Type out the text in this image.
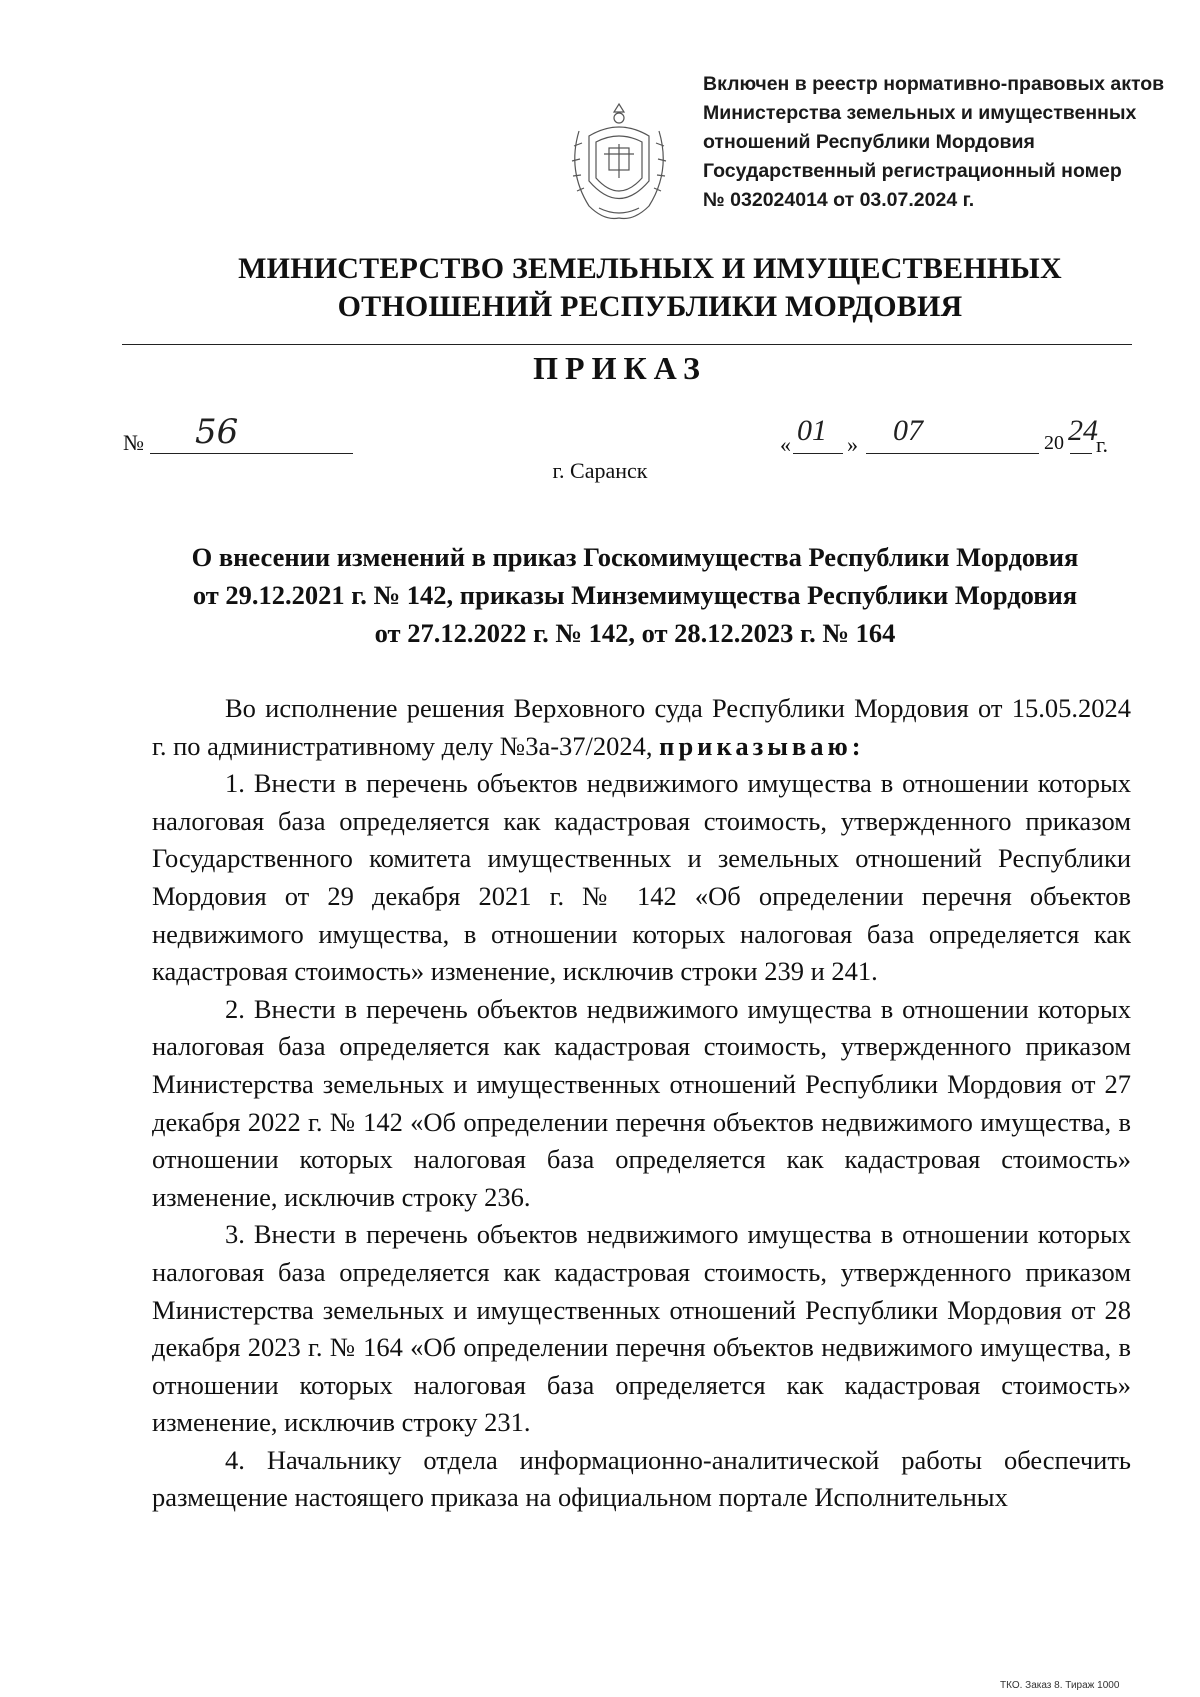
Включен в реестр нормативно-правовых актов
Министерства земельных и имущественных
отношений Республики Мордовия
Государственный регистрационный номер
№ 032024014 от 03.07.2024 г.
МИНИСТЕРСТВО ЗЕМЕЛЬНЫХ И ИМУЩЕСТВЕННЫХ
ОТНОШЕНИЙ РЕСПУБЛИКИ МОРДОВИЯ
ПРИКАЗ
№ 56	« 01 » 07	20 24
г.
г. Саранск
О внесении изменений в приказ Госкомимущества Республики Мордовия
от 29.12.2021 г. № 142, приказы Минземимущества Республики Мордовия
от 27.12.2022 г. № 142, от 28.12.2023 г. № 164

Во исполнение решения Верховного суда Республики Мордовия от 15.05.2024 г. по административному делу №3а-37/2024, приказываю:

1. Внести в перечень объектов недвижимого имущества в отношении которых налоговая база определяется как кадастровая стоимость, утвержденного приказом Государственного комитета имущественных и земельных отношений Республики Мордовия от 29 декабря 2021 г. № 142 «Об определении перечня объектов недвижимого имущества, в отношении которых налоговая база определяется как кадастровая стоимость» изменение, исключив строки 239 и 241.

2. Внести в перечень объектов недвижимого имущества в отношении которых налоговая база определяется как кадастровая стоимость, утвержденного приказом Министерства земельных и имущественных отношений Республики Мордовия от 27 декабря 2022 г. № 142 «Об определении перечня объектов недвижимого имущества, в отношении которых налоговая база определяется как кадастровая стоимость» изменение, исключив строку 236.

3. Внести в перечень объектов недвижимого имущества в отношении которых налоговая база определяется как кадастровая стоимость, утвержденного приказом Министерства земельных и имущественных отношений Республики Мордовия от 28 декабря 2023 г. № 164 «Об определении перечня объектов недвижимого имущества, в отношении которых налоговая база определяется как кадастровая стоимость» изменение, исключив строку 231.

4. Начальнику отдела информационно-аналитической работы обеспечить размещение настоящего приказа на официальном портале Исполнительных

ТКО. Заказ 8. Тираж 1000
